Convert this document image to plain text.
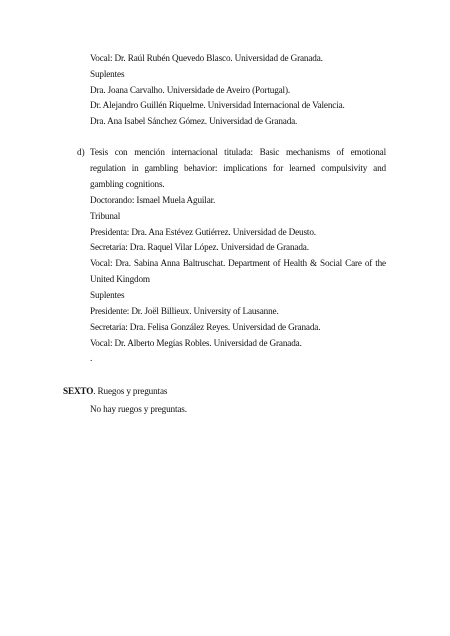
Vocal: Dr. Raúl Rubén Quevedo Blasco. Universidad de Granada.
Suplentes
Dra. Joana Carvalho. Universidade de Aveiro (Portugal).
Dr. Alejandro Guillén Riquelme. Universidad Internacional de Valencia.
Dra. Ana Isabel Sánchez Gómez. Universidad de Granada.
d) Tesis con mención internacional titulada: Basic mechanisms of emotional
regulation in gambling behavior: implications for learned compulsivity and
gambling cognitions.
Doctorando: Ismael Muela Aguilar.
Tribunal
Presidenta: Dra. Ana Estévez Gutiérrez. Universidad de Deusto.
Secretaria: Dra. Raquel Vilar López. Universidad de Granada.
Vocal: Dra. Sabina Anna Baltruschat. Department of Health & Social Care of the
United Kingdom
Suplentes
Presidente: Dr. Joël Billieux. University of Lausanne.
Secretaria: Dra. Felisa González Reyes. Universidad de Granada.
Vocal: Dr. Alberto Megías Robles. Universidad de Granada.
.
SEXTO. Ruegos y preguntas
No hay ruegos y preguntas.
